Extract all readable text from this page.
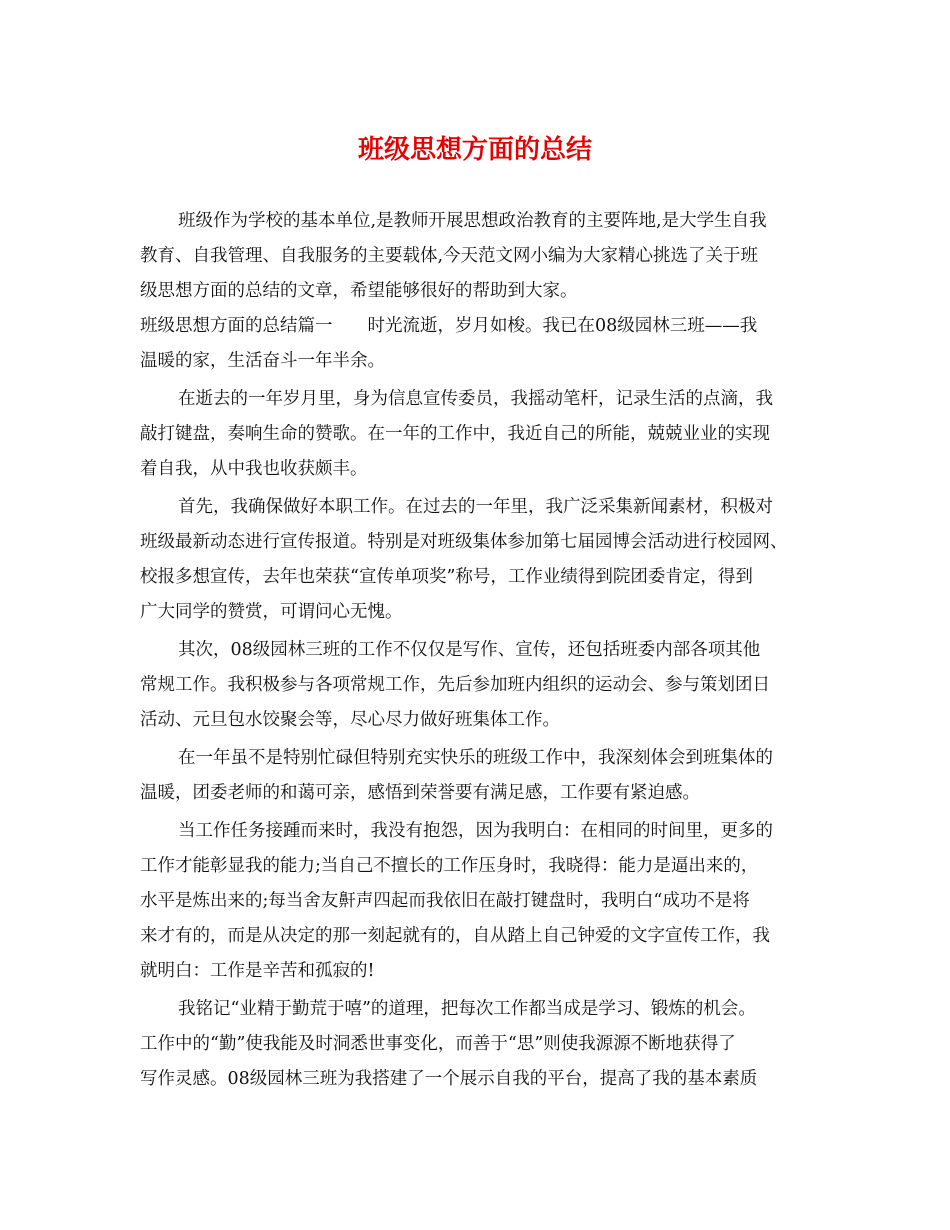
班级思想方面的总结

班级作为学校的基本单位,是教师开展思想政治教育的主要阵地,是大学生自我

教育、自我管理、自我服务的主要载体,今天范文网小编为大家精心挑选了关于班

级思想方面的总结的文章，希望能够很好的帮助到大家。

班级思想方面的总结篇一　　时光流逝，岁月如梭。我已在08级园林三班——我

温暖的家，生活奋斗一年半余。

在逝去的一年岁月里，身为信息宣传委员，我摇动笔杆，记录生活的点滴，我

敲打键盘，奏响生命的赞歌。在一年的工作中，我近自己的所能，兢兢业业的实现

着自我，从中我也收获颇丰。

首先，我确保做好本职工作。在过去的一年里，我广泛采集新闻素材，积极对

班级最新动态进行宣传报道。特别是对班级集体参加第七届园博会活动进行校园网、

校报多想宣传，去年也荣获“宣传单项奖”称号，工作业绩得到院团委肯定，得到

广大同学的赞赏，可谓问心无愧。

其次，08级园林三班的工作不仅仅是写作、宣传，还包括班委内部各项其他

常规工作。我积极参与各项常规工作，先后参加班内组织的运动会、参与策划团日

活动、元旦包水饺聚会等，尽心尽力做好班集体工作。

在一年虽不是特别忙碌但特别充实快乐的班级工作中，我深刻体会到班集体的

温暖，团委老师的和蔼可亲，感悟到荣誉要有满足感，工作要有紧迫感。

当工作任务接踵而来时，我没有抱怨，因为我明白：在相同的时间里，更多的

工作才能彰显我的能力;当自己不擅长的工作压身时，我晓得：能力是逼出来的，

水平是炼出来的;每当舍友鼾声四起而我依旧在敲打键盘时，我明白“成功不是将

来才有的，而是从决定的那一刻起就有的，自从踏上自己钟爱的文字宣传工作，我

就明白：工作是辛苦和孤寂的!

我铭记“业精于勤荒于嘻”的道理，把每次工作都当成是学习、锻炼的机会。

工作中的“勤”使我能及时洞悉世事变化，而善于“思”则使我源源不断地获得了

写作灵感。08级园林三班为我搭建了一个展示自我的平台，提高了我的基本素质
